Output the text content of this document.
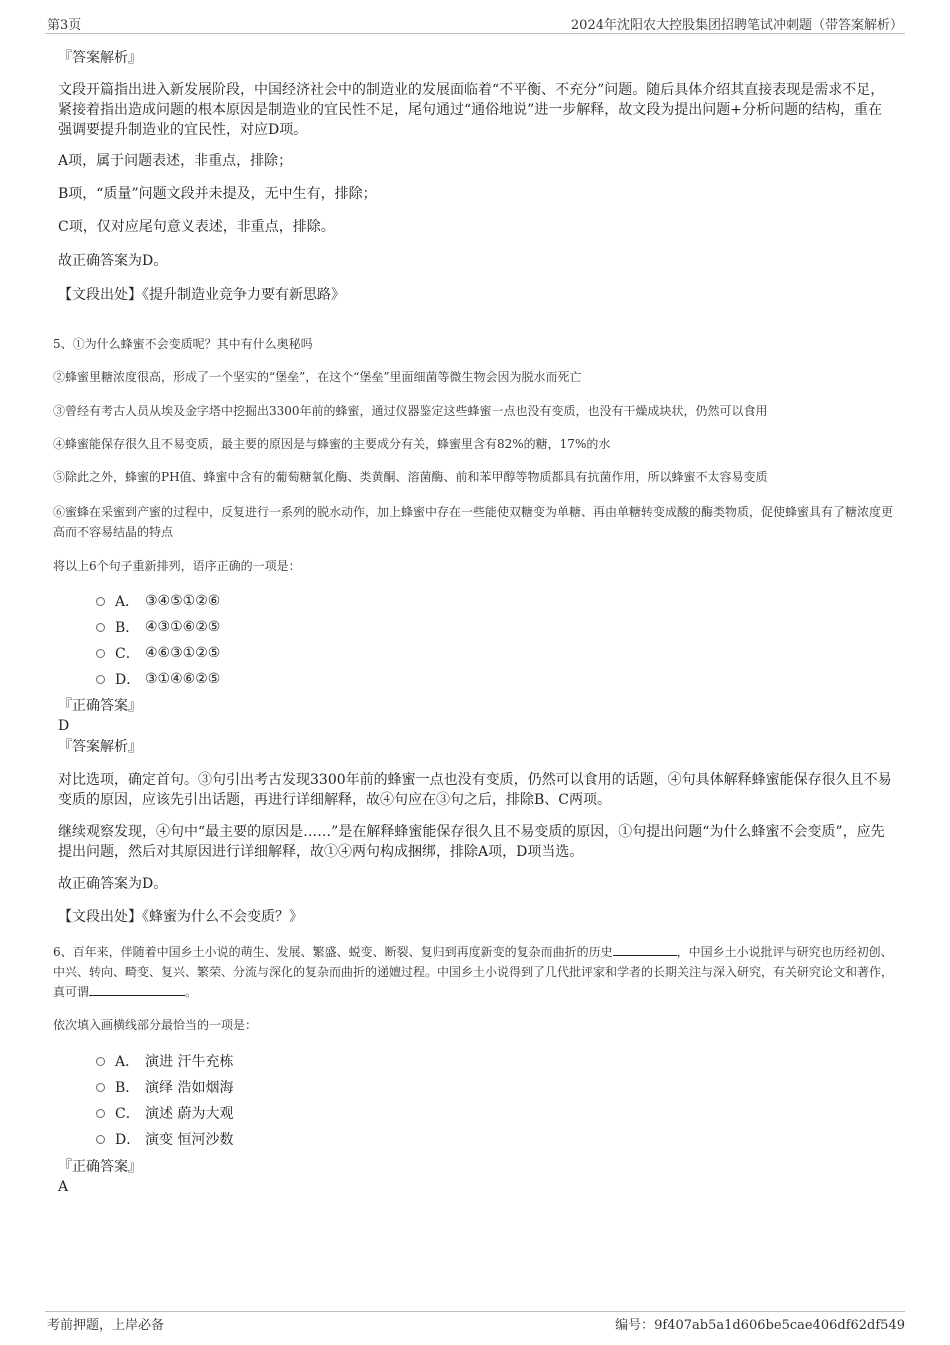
第3页	2024年沈阳农大控股集团招聘笔试冲刺题（带答案解析）
『答案解析』
文段开篇指出进入新发展阶段，中国经济社会中的制造业的发展面临着“不平衡、不充分”问题。随后具体介绍其直接表现是需求不足，紧接着指出造成问题的根本原因是制造业的宜民性不足，尾句通过“通俗地说”进一步解释，故文段为提出问题+分析问题的结构，重在强调要提升制造业的宜民性，对应D项。
A项，属于问题表述，非重点，排除；
B项，“质量”问题文段并未提及，无中生有，排除；
C项，仅对应尾句意义表述，非重点，排除。
故正确答案为D。
【文段出处】《提升制造业竞争力要有新思路》
5、①为什么蜂蜜不会变质呢？其中有什么奥秘吗
②蜂蜜里糖浓度很高，形成了一个坚实的“堡垒”，在这个“堡垒”里面细菌等微生物会因为脱水而死亡
③曾经有考古人员从埃及金字塔中挖掘出3300年前的蜂蜜，通过仪器鉴定这些蜂蜜一点也没有变质，也没有干燥成块状，仍然可以食用
④蜂蜜能保存很久且不易变质，最主要的原因是与蜂蜜的主要成分有关，蜂蜜里含有82%的糖，17%的水
⑤除此之外，蜂蜜的PH值、蜂蜜中含有的葡萄糖氧化酶、类黄酮、溶菌酶、前和苯甲醇等物质都具有抗菌作用，所以蜂蜜不太容易变质
⑥蜜蜂在采蜜到产蜜的过程中，反复进行一系列的脱水动作，加上蜂蜜中存在一些能使双糖变为单糖、再由单糖转变成酸的酶类物质，促使蜂蜜具有了糖浓度更高而不容易结晶的特点
将以上6个句子重新排列，语序正确的一项是：
A． ③④⑤①②⑥
B． ④③①⑥②⑤
C． ④⑥③①②⑤
D． ③①④⑥②⑤
『正确答案』
D
『答案解析』
对比选项，确定首句。③句引出考古发现3300年前的蜂蜜一点也没有变质，仍然可以食用的话题，④句具体解释蜂蜜能保存很久且不易变质的原因，应该先引出话题，再进行详细解释，故④句应在③句之后，排除B、C两项。
继续观察发现，④句中“最主要的原因是……”是在解释蜂蜜能保存很久且不易变质的原因，①句提出问题“为什么蜂蜜不会变质”，应先提出问题，然后对其原因进行详细解释，故①④两句构成捆绑，排除A项，D项当选。
故正确答案为D。
【文段出处】《蜂蜜为什么不会变质？》
6、百年来，伴随着中国乡土小说的萌生、发展、繁盛、蜕变、断裂、复归到再度新变的复杂而曲折的历史	，中国乡土小说批评与研究也历经初创、中兴、转向、畸变、复兴、繁荣、分流与深化的复杂而曲折的递嬗过程。中国乡土小说得到了几代批评家和学者的长期关注与深入研究，有关研究论文和著作，真可谓	。
依次填入画横线部分最恰当的一项是：
A． 演进 汗牛充栋
B． 演绎 浩如烟海
C． 演述 蔚为大观
D． 演变 恒河沙数
『正确答案』
A
考前押题，上岸必备	编号：9f407ab5a1d606be5cae406df62df549
